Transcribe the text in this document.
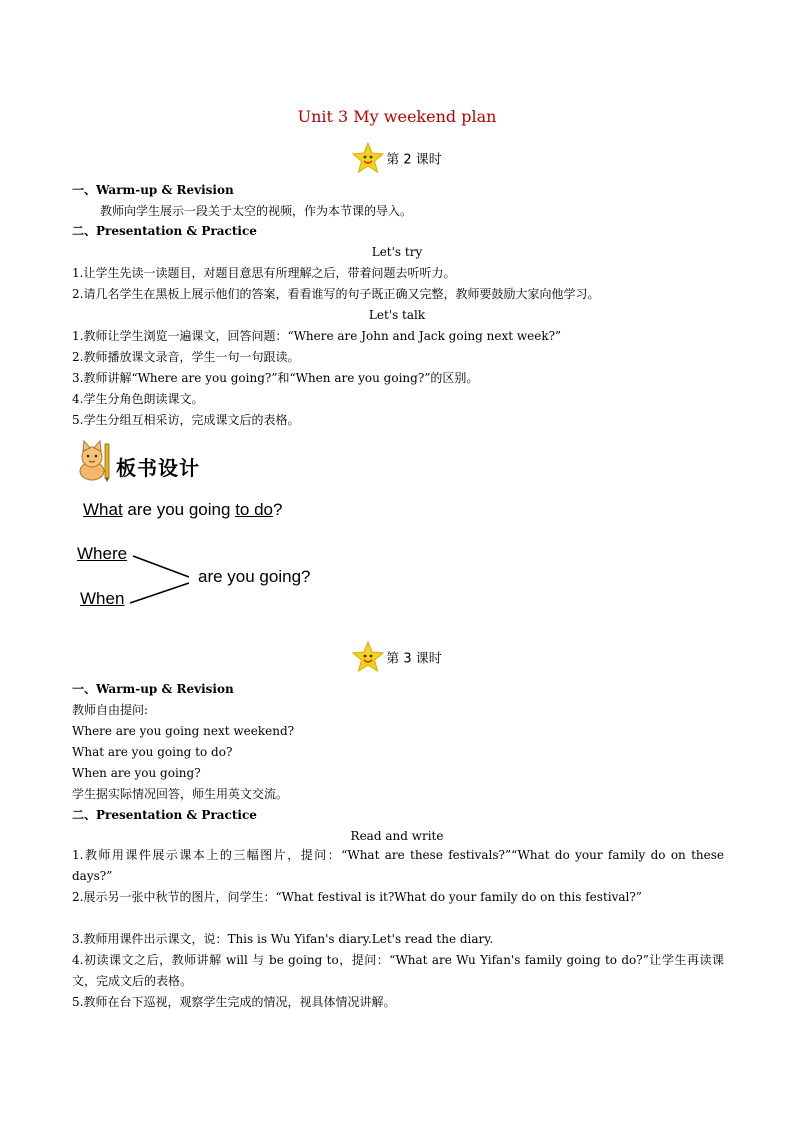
Unit 3 My weekend plan
第 2 课时
一、Warm-up & Revision
教师向学生展示一段关于太空的视频，作为本节课的导入。
二、Presentation & Practice
Let's try
1.让学生先读一读题目，对题目意思有所理解之后，带着问题去听听力。
2.请几名学生在黑板上展示他们的答案，看看谁写的句子既正确又完整，教师要鼓励大家向他学习。
Let's talk
1.教师让学生浏览一遍课文，回答问题：“Where are John and Jack going next week?”
2.教师播放课文录音，学生一句一句跟读。
3.教师讲解“Where are you going?”和“When are you going?”的区别。
4.学生分角色朗读课文。
5.学生分组互相采访，完成课文后的表格。
板书设计
What are you going to do?
Where
When
are you going?
第 3 课时
一、Warm-up & Revision
教师自由提问:
Where are you going next weekend?
What are you going to do?
When are you going?
学生据实际情况回答，师生用英文交流。
二、Presentation & Practice
Read and write
1.教师用课件展示课本上的三幅图片，提问：“What are these festivals?”“What do your family do on these days?”
2.展示另一张中秋节的图片，问学生：“What festival is it?What do your family do on this festival?”
3.教师用课件出示课文，说：This is Wu Yifan's diary.Let's read the diary.
4.初读课文之后，教师讲解 will 与 be going to，提问：“What are Wu Yifan's family going to do?”让学生再读课文，完成文后的表格。
5.教师在台下巡视，观察学生完成的情况，视具体情况讲解。
